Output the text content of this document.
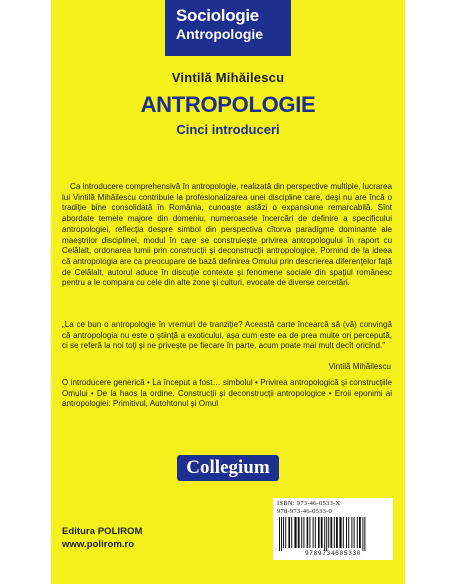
Sociologie
Antropologie
Vintilă Mihăilescu
ANTROPOLOGIE
Cinci introduceri

Ca introducere comprehensivă în antropologie, realizată din perspective multiple, lucrarea lui Vintilă Mihăilescu contribuie la profesionalizarea unei discipline care, deşi nu are încă o tradiţie bine consolidată în România, cunoaşte astăzi o expansiune remarcabilă. Sînt abordate temele majore din domeniu, numeroasele încercări de definire a specificului antropologiei, reflecţia despre simbol din perspectiva cîtorva paradigme dominante ale maeştrilor disciplinei, modul în care se construieşte privirea antropologului în raport cu Celălalt, ordonarea lumii prin construcţii şi deconstrucţii antropologice. Pornind de la ideea că antropologia are ca preocupare de bază definirea Omului prin descrierea diferenţelor faţă de Celălalt, autorul aduce în discuţie contexte şi fenomene sociale din spaţiul românesc pentru a le compara cu cele din alte zone şi culturi, evocate de diverse cercetări.

„La ce bun o antropologie în vremuri de tranziţie? Această carte încearcă să (vă) convingă că antropologia nu este o ştiinţă a exoticului, aşa cum este ea de prea multe ori percepută, ci se referă la noi toţi şi ne priveşte pe fiecare în parte, acum poate mai mult decît oricînd.”

Vintilă Mihăilescu

O introducere generică • La început a fost… simbolul • Privirea antropologică şi construcţiile Omului • De la haos la ordine. Construcţii şi deconstrucţii antropologice • Eroii eponimi ai antropologiei: Primitivul, Autohtonul şi Omul

Collegium
ISBN: 973-46-0533-X
978-973-46-0533-0
9789734605330
Editura POLIROM
www.polirom.ro
